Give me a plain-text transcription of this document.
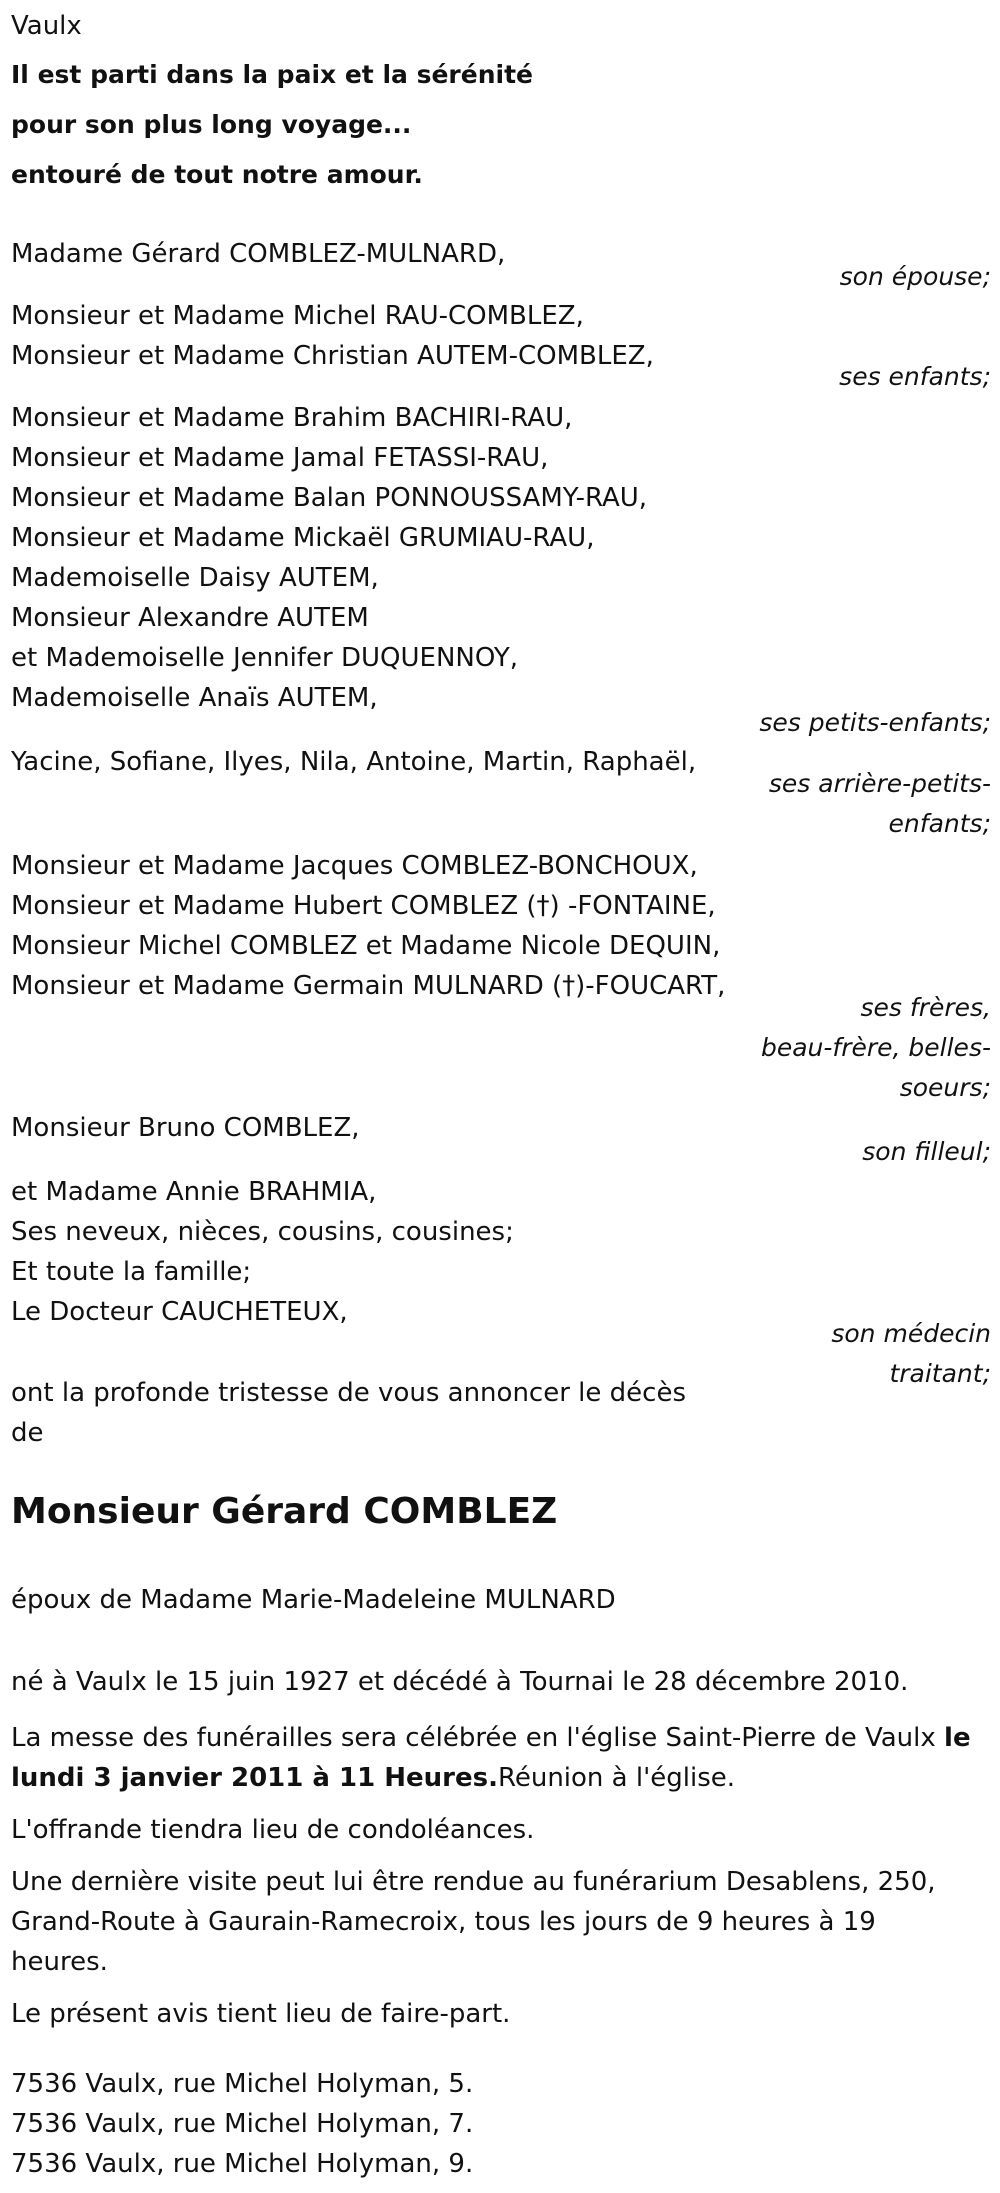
Vaulx
Il est parti dans la paix et la sérénité
pour son plus long voyage...
entouré de tout notre amour.
Madame Gérard COMBLEZ-MULNARD,
son épouse;
Monsieur et Madame Michel RAU-COMBLEZ,
Monsieur et Madame Christian AUTEM-COMBLEZ,
ses enfants;
Monsieur et Madame Brahim BACHIRI-RAU,
Monsieur et Madame Jamal FETASSI-RAU,
Monsieur et Madame Balan PONNOUSSAMY-RAU,
Monsieur et Madame Mickaël GRUMIAU-RAU,
Mademoiselle Daisy AUTEM,
Monsieur Alexandre AUTEM
et Mademoiselle Jennifer DUQUENNOY,
Mademoiselle Anaïs AUTEM,
ses petits-enfants;
Yacine, Sofiane, Ilyes, Nila, Antoine, Martin, Raphaël,
ses arrière-petits-
enfants;
Monsieur et Madame Jacques COMBLEZ-BONCHOUX,
Monsieur et Madame Hubert COMBLEZ (†) -FONTAINE,
Monsieur Michel COMBLEZ et Madame Nicole DEQUIN,
Monsieur et Madame Germain MULNARD (†)-FOUCART,
ses frères,
beau-frère, belles-
soeurs;
Monsieur Bruno COMBLEZ,
son filleul;
et Madame Annie BRAHMIA,
Ses neveux, nièces, cousins, cousines;
Et toute la famille;
Le Docteur CAUCHETEUX,
son médecin
traitant;
ont la profonde tristesse de vous annoncer le décès
de
Monsieur Gérard COMBLEZ
époux de Madame Marie-Madeleine MULNARD
né à Vaulx le 15 juin 1927 et décédé à Tournai le 28 décembre 2010.
La messe des funérailles sera célébrée en l'église Saint-Pierre de Vaulx le lundi 3 janvier 2011 à 11 Heures.Réunion à l'église.
L'offrande tiendra lieu de condoléances.
Une dernière visite peut lui être rendue au funérarium Desablens, 250, Grand-Route à Gaurain-Ramecroix, tous les jours de 9 heures à 19 heures.
Le présent avis tient lieu de faire-part.
7536 Vaulx, rue Michel Holyman, 5.
7536 Vaulx, rue Michel Holyman, 7.
7536 Vaulx, rue Michel Holyman, 9.
